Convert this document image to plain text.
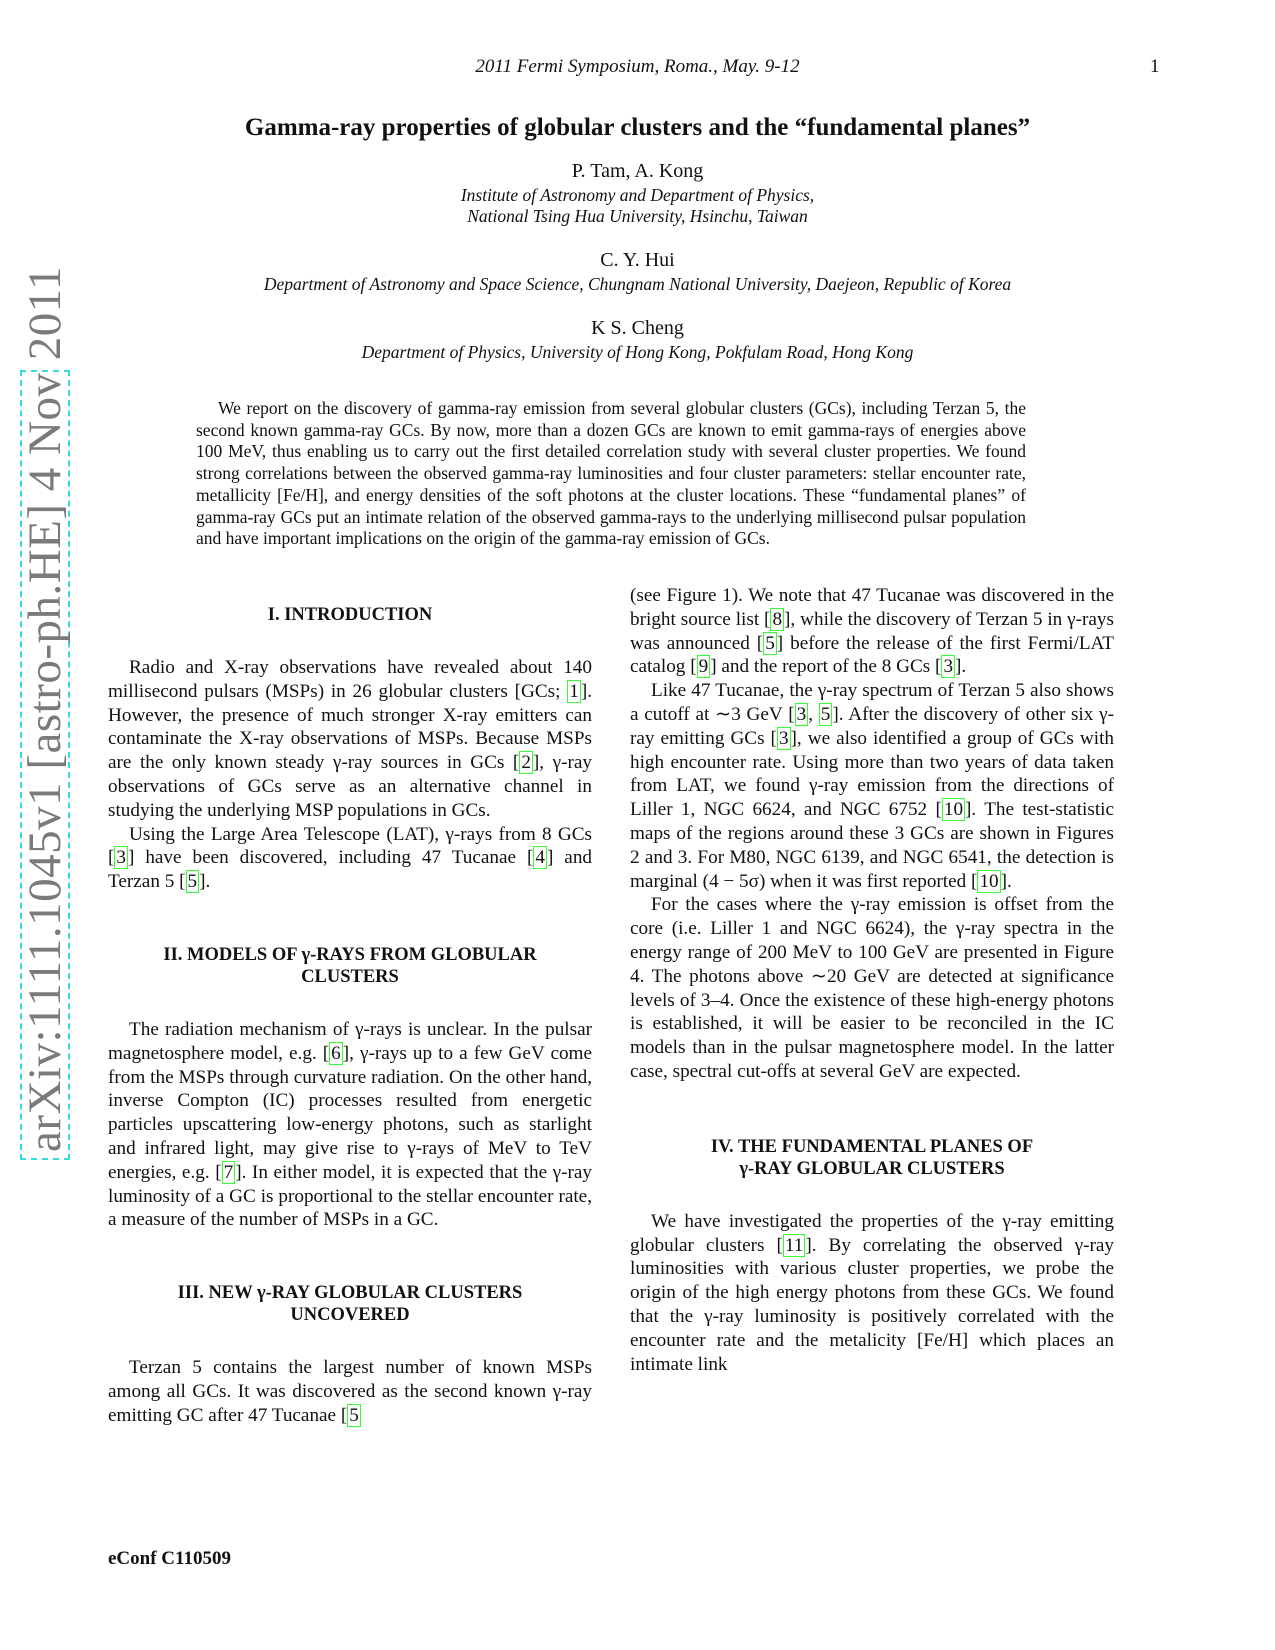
2011 Fermi Symposium, Roma., May. 9-12	1
Gamma-ray properties of globular clusters and the “fundamental planes”
P. Tam, A. Kong
Institute of Astronomy and Department of Physics,
National Tsing Hua University, Hsinchu, Taiwan
C. Y. Hui
Department of Astronomy and Space Science, Chungnam National University, Daejeon, Republic of Korea
K S. Cheng
Department of Physics, University of Hong Kong, Pokfulam Road, Hong Kong
We report on the discovery of gamma-ray emission from several globular clusters (GCs), including Terzan 5, the second known gamma-ray GCs. By now, more than a dozen GCs are known to emit gamma-rays of energies above 100 MeV, thus enabling us to carry out the first detailed correlation study with several cluster properties. We found strong correlations between the observed gamma-ray luminosities and four cluster parameters: stellar encounter rate, metallicity [Fe/H], and energy densities of the soft photons at the cluster locations. These “fundamental planes” of gamma-ray GCs put an intimate relation of the observed gamma-rays to the underlying millisecond pulsar population and have important implications on the origin of the gamma-ray emission of GCs.
I. INTRODUCTION

Radio and X-ray observations have revealed about 140 millisecond pulsars (MSPs) in 26 globular clusters [GCs; 1 ]. However, the presence of much stronger X-ray emitters can contaminate the X-ray observations of MSPs. Because MSPs are the only known steady γ-ray sources in GCs [ 2 ], γ-ray observations of GCs serve as an alternative channel in studying the underlying MSP populations in GCs.

Using the Large Area Telescope (LAT), γ-rays from 8 GCs [ 3 ] have been discovered, including 47 Tucanae [ 4 ] and Terzan 5 [ 5 ].

II. MODELS OF γ-RAYS FROM GLOBULAR
CLUSTERS

The radiation mechanism of γ-rays is unclear. In the pulsar magnetosphere model, e.g. [ 6 ], γ-rays up to a few GeV come from the MSPs through curvature radiation. On the other hand, inverse Compton (IC) processes resulted from energetic particles upscattering low-energy photons, such as starlight and infrared light, may give rise to γ-rays of MeV to TeV energies, e.g. [ 7 ]. In either model, it is expected that the γ-ray luminosity of a GC is proportional to the stellar encounter rate, a measure of the number of MSPs in a GC.

III. NEW γ-RAY GLOBULAR CLUSTERS
UNCOVERED

Terzan 5 contains the largest number of known MSPs among all GCs. It was discovered as the second known γ-ray emitting GC after 47 Tucanae [ 5

(see Figure 1). We note that 47 Tucanae was discovered in the bright source list [ 8 ], while the discovery of Terzan 5 in γ-rays was announced [ 5 ] before the release of the first Fermi/LAT catalog [ 9 ] and the report of the 8 GCs [ 3 ].

Like 47 Tucanae, the γ-ray spectrum of Terzan 5 also shows a cutoff at ∼3 GeV [ 3 , 5 ]. After the discovery of other six γ-ray emitting GCs [ 3 ], we also identified a group of GCs with high encounter rate. Using more than two years of data taken from LAT, we found γ-ray emission from the directions of Liller 1, NGC 6624, and NGC 6752 [ 10 ]. The test-statistic maps of the regions around these 3 GCs are shown in Figures 2 and 3. For M80, NGC 6139, and NGC 6541, the detection is marginal (4 − 5σ) when it was first reported [ 10 ].

For the cases where the γ-ray emission is offset from the core (i.e. Liller 1 and NGC 6624), the γ-ray spectra in the energy range of 200 MeV to 100 GeV are presented in Figure 4. The photons above ∼20 GeV are detected at significance levels of 3–4. Once the existence of these high-energy photons is established, it will be easier to be reconciled in the IC models than in the pulsar magnetosphere model. In the latter case, spectral cut-offs at several GeV are expected.

IV. THE FUNDAMENTAL PLANES OF
γ-RAY GLOBULAR CLUSTERS

We have investigated the properties of the γ-ray emitting globular clusters [ 11 ]. By correlating the observed γ-ray luminosities with various cluster properties, we probe the origin of the high energy photons from these GCs. We found that the γ-ray luminosity is positively correlated with the encounter rate and the metalicity [Fe/H] which places an intimate link

eConf C110509
arXiv:1111.1045v1 [astro-ph.HE] 4 Nov 2011
